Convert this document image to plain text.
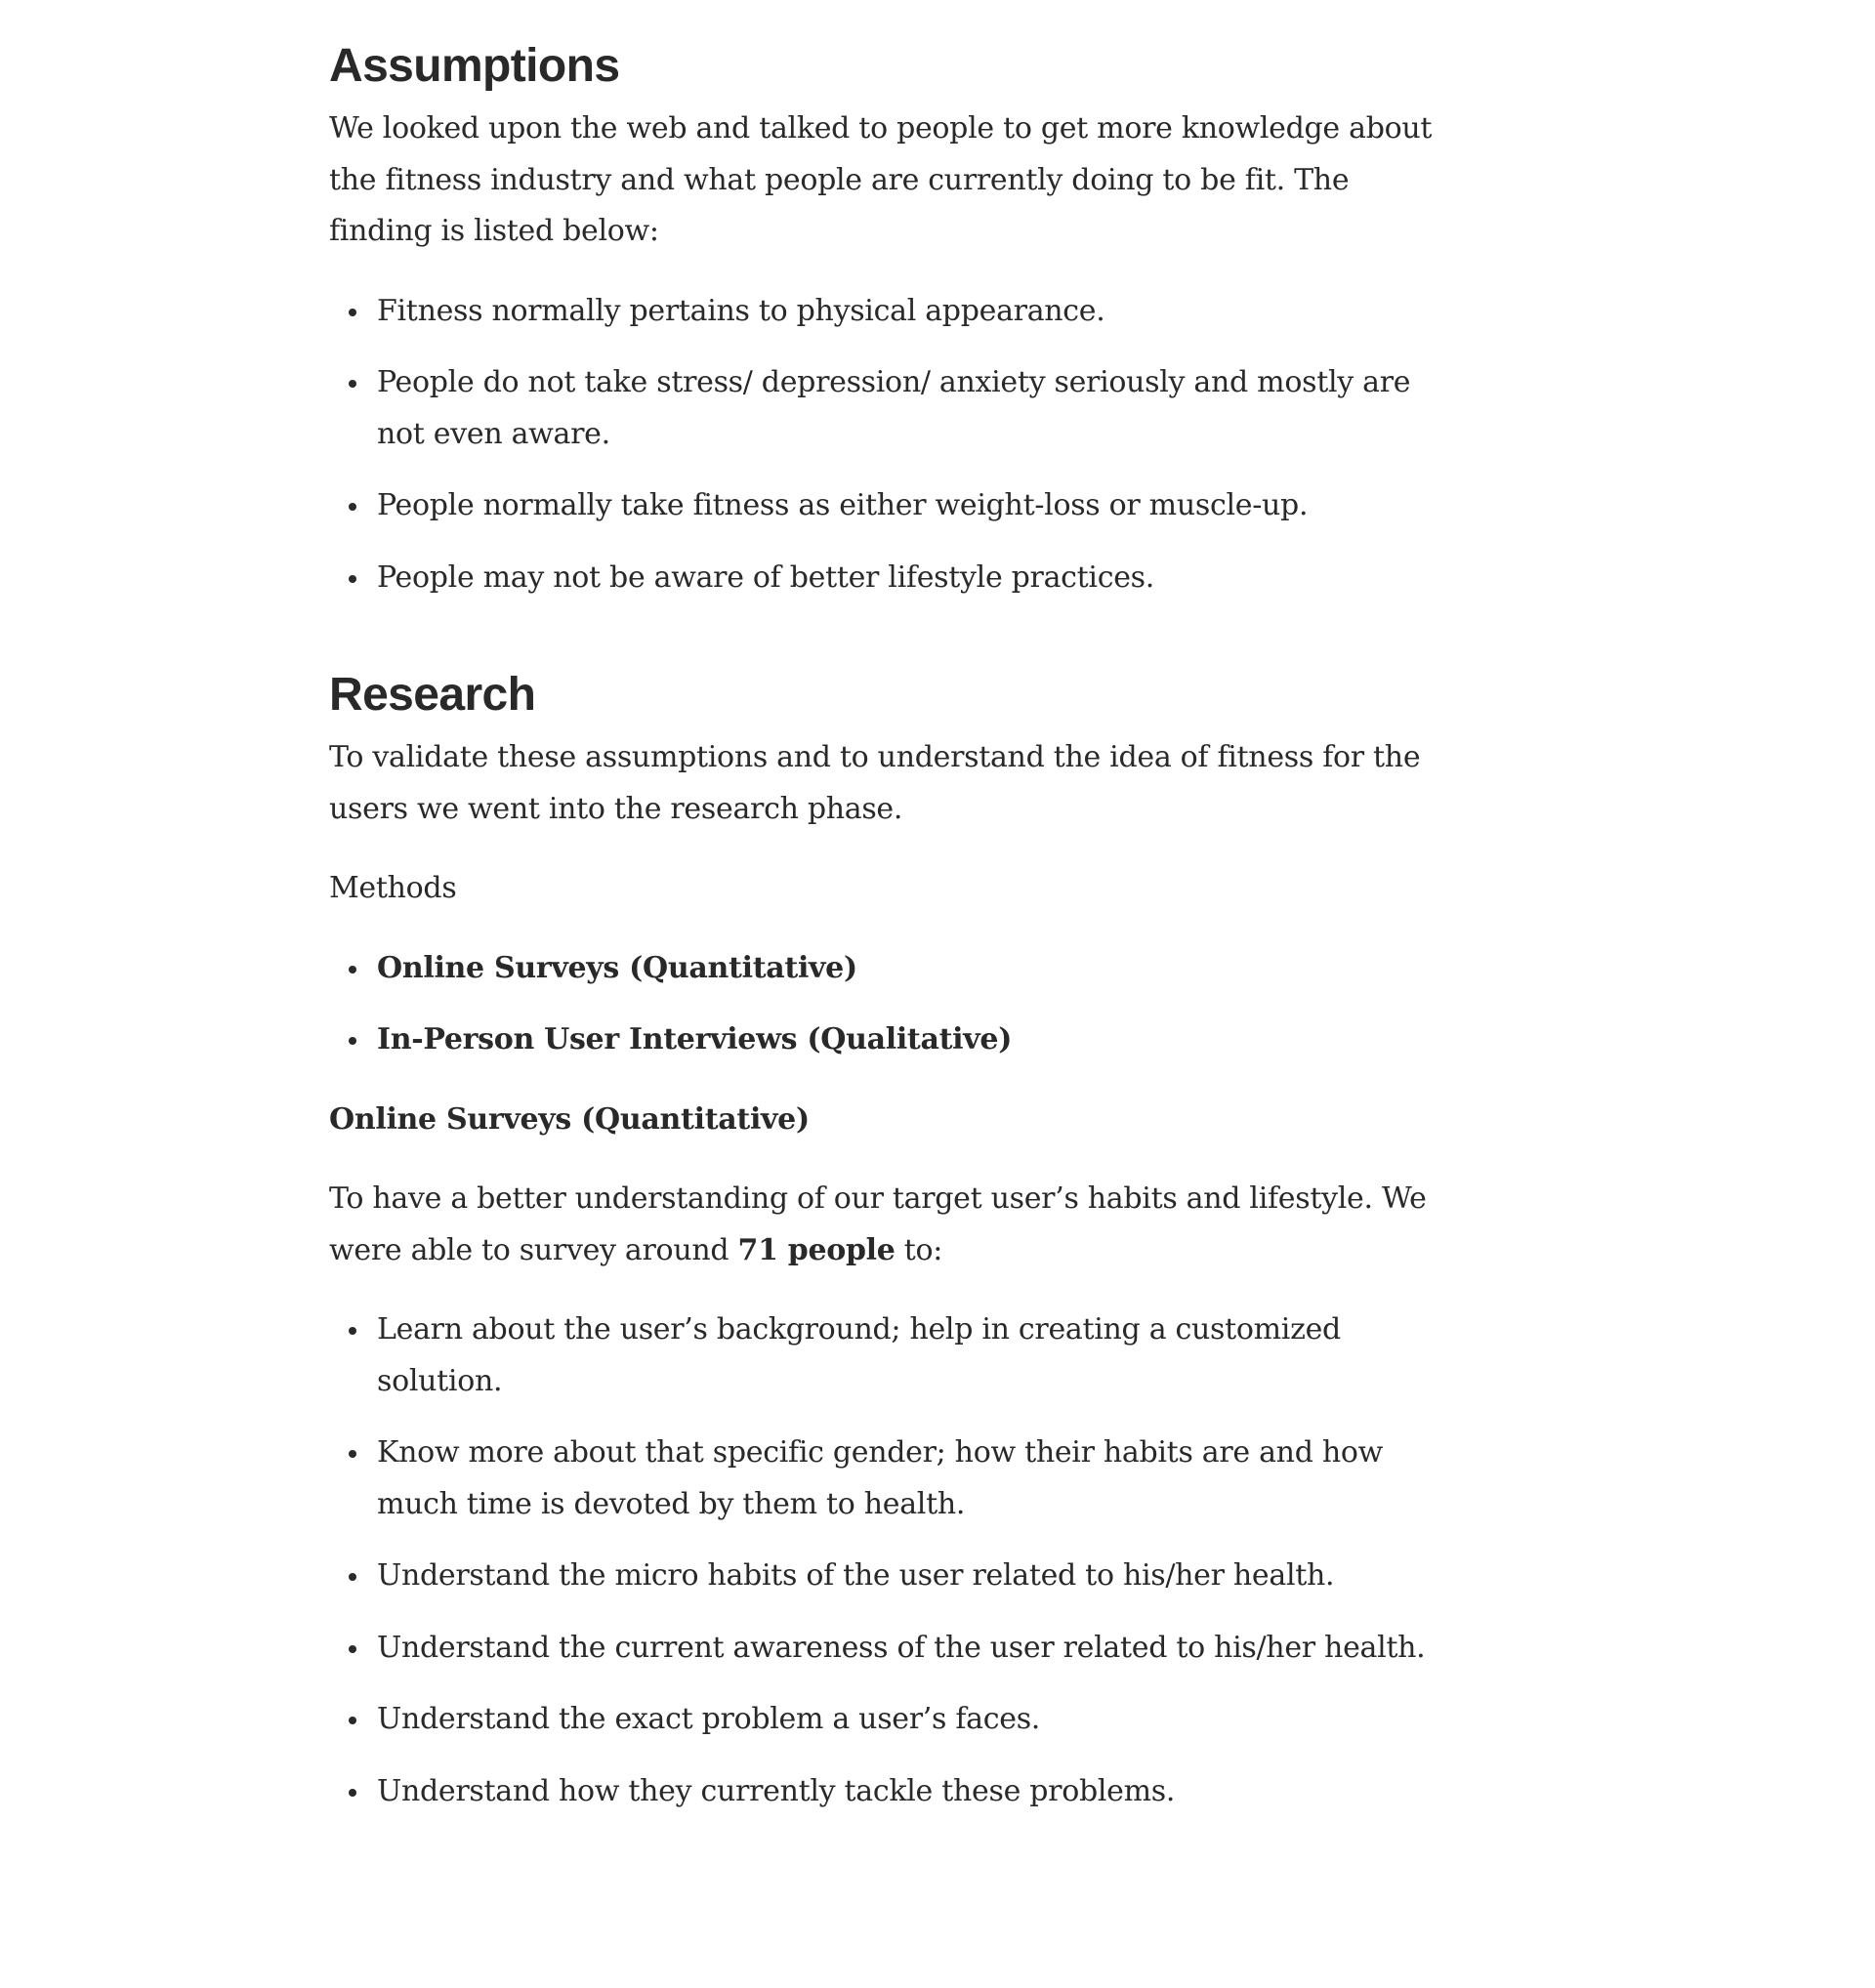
Assumptions

We looked upon the web and talked to people to get more knowledge about the fitness industry and what people are currently doing to be fit. The finding is listed below:

Fitness normally pertains to physical appearance.
People do not take stress/ depression/ anxiety seriously and mostly are not even aware.
People normally take fitness as either weight-loss or muscle-up.
People may not be aware of better lifestyle practices.
Research

To validate these assumptions and to understand the idea of fitness for the users we went into the research phase.

Methods

Online Surveys (Quantitative)
In-Person User Interviews (Qualitative)

Online Surveys (Quantitative)

To have a better understanding of our target user’s habits and lifestyle. We were able to survey around 71 people to:

Learn about the user’s background; help in creating a customized solution.
Know more about that specific gender; how their habits are and how much time is devoted by them to health.
Understand the micro habits of the user related to his/her health.
Understand the current awareness of the user related to his/her health.
Understand the exact problem a user’s faces.
Understand how they currently tackle these problems.
